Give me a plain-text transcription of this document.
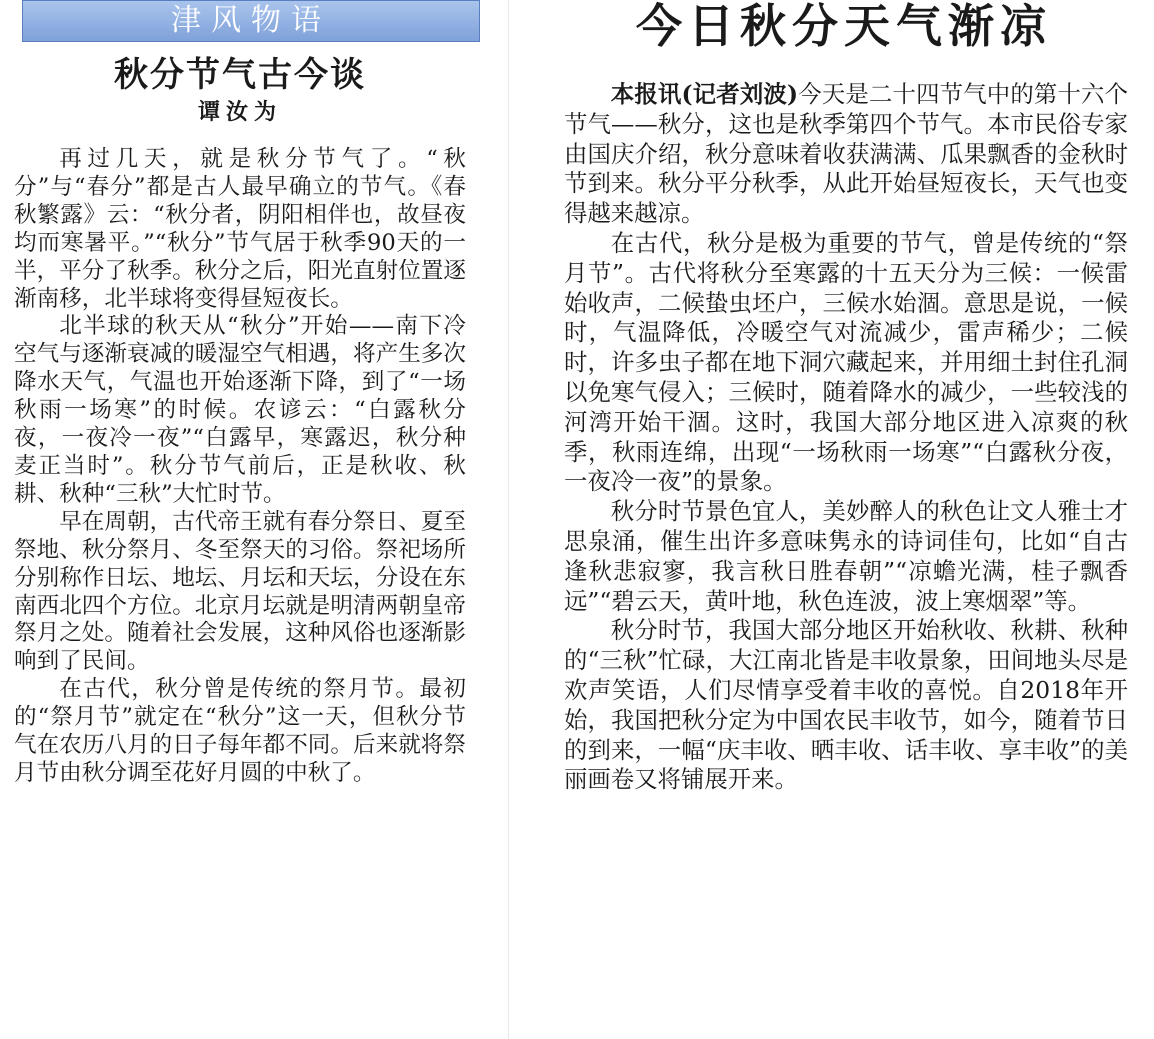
津风物语
秋分节气古今谈
谭汝为

再过几天，就是秋分节气了。“秋分”与“春分”都是古人最早确立的节气。《春秋繁露》云：“秋分者，阴阳相伴也，故昼夜均而寒暑平。”“秋分”节气居于秋季90天的一半，平分了秋季。秋分之后，阳光直射位置逐渐南移，北半球将变得昼短夜长。

北半球的秋天从“秋分”开始——南下冷空气与逐渐衰减的暖湿空气相遇，将产生多次降水天气，气温也开始逐渐下降，到了“一场秋雨一场寒”的时候。农谚云：“白露秋分夜，一夜冷一夜”“白露早，寒露迟，秋分种麦正当时”。秋分节气前后，正是秋收、秋耕、秋种“三秋”大忙时节。

早在周朝，古代帝王就有春分祭日、夏至祭地、秋分祭月、冬至祭天的习俗。祭祀场所分别称作日坛、地坛、月坛和天坛，分设在东南西北四个方位。北京月坛就是明清两朝皇帝祭月之处。随着社会发展，这种风俗也逐渐影响到了民间。

在古代，秋分曾是传统的祭月节。最初的“祭月节”就定在“秋分”这一天，但秋分节气在农历八月的日子每年都不同。后来就将祭月节由秋分调至花好月圆的中秋了。

今日秋分天气渐凉

本报讯(记者刘波)今天是二十四节气中的第十六个节气——秋分，这也是秋季第四个节气。本市民俗专家由国庆介绍，秋分意味着收获满满、瓜果飘香的金秋时节到来。秋分平分秋季，从此开始昼短夜长，天气也变得越来越凉。

在古代，秋分是极为重要的节气，曾是传统的“祭月节”。古代将秋分至寒露的十五天分为三候：一候雷始收声，二候蛰虫坯户，三候水始涸。意思是说，一候时，气温降低，冷暖空气对流减少，雷声稀少；二候时，许多虫子都在地下洞穴藏起来，并用细土封住孔洞以免寒气侵入；三候时，随着降水的减少，一些较浅的河湾开始干涸。这时，我国大部分地区进入凉爽的秋季，秋雨连绵，出现“一场秋雨一场寒”“白露秋分夜，一夜冷一夜”的景象。

秋分时节景色宜人，美妙醉人的秋色让文人雅士才思泉涌，催生出许多意味隽永的诗词佳句，比如“自古逢秋悲寂寥，我言秋日胜春朝”“凉蟾光满，桂子飘香远”“碧云天，黄叶地，秋色连波，波上寒烟翠”等。

秋分时节，我国大部分地区开始秋收、秋耕、秋种的“三秋”忙碌，大江南北皆是丰收景象，田间地头尽是欢声笑语，人们尽情享受着丰收的喜悦。自2018年开始，我国把秋分定为中国农民丰收节，如今，随着节日的到来，一幅“庆丰收、晒丰收、话丰收、享丰收”的美丽画卷又将铺展开来。
